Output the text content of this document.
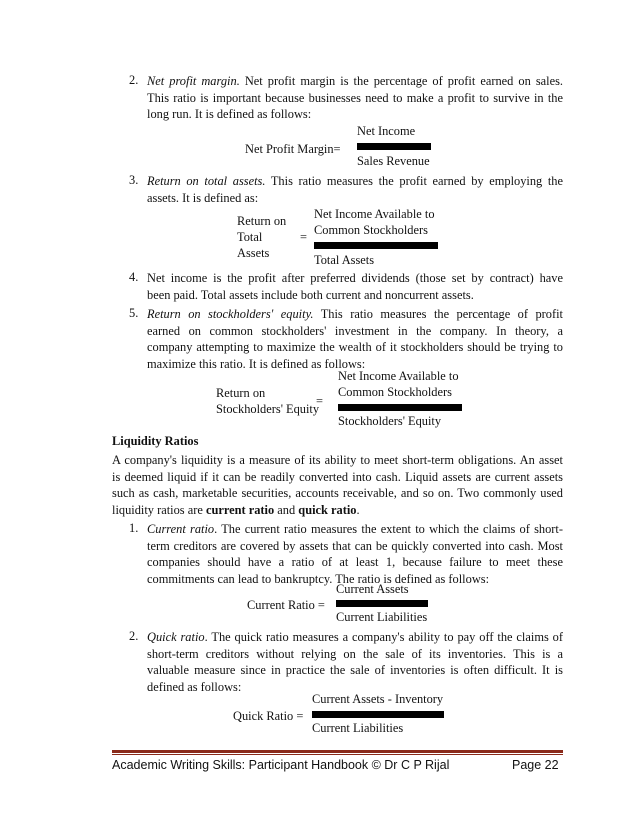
2. Net profit margin. Net profit margin is the percentage of profit earned on sales.
This ratio is important because businesses need to make a profit to survive in the
long run. It is defined as follows:
Net Income
Net Profit Margin=
Sales Revenue
3. Return on total assets. This ratio measures the profit earned by employing the
assets. It is defined as:
Return on
Total
Assets
=
Net Income Available to
Common Stockholders
Total Assets
4. Net income is the profit after preferred dividends (those set by contract) have
been paid. Total assets include both current and noncurrent assets.
5. Return on stockholders' equity. This ratio measures the percentage of profit
earned on common stockholders' investment in the company. In theory, a
company attempting to maximize the wealth of it stockholders should be trying to
maximize this ratio. It is defined as follows:
Net Income Available to
Common Stockholders
Return on
Stockholders' Equity
=
Stockholders' Equity
Liquidity Ratios
A company's liquidity is a measure of its ability to meet short-term obligations. An asset
is deemed liquid if it can be readily converted into cash. Liquid assets are current assets
such as cash, marketable securities, accounts receivable, and so on. Two commonly used
liquidity ratios are current ratio and quick ratio.
1. Current ratio. The current ratio measures the extent to which the claims of short-
term creditors are covered by assets that can be quickly converted into cash. Most
companies should have a ratio of at least 1, because failure to meet these
commitments can lead to bankruptcy. The ratio is defined as follows:
Current Assets
Current Ratio =
Current Liabilities
2. Quick ratio. The quick ratio measures a company's ability to pay off the claims of
short-term creditors without relying on the sale of its inventories. This is a
valuable measure since in practice the sale of inventories is often difficult. It is
defined as follows:
Current Assets - Inventory
Quick Ratio =
Current Liabilities
Academic Writing Skills: Participant Handbook © Dr C P Rijal	Page 22
